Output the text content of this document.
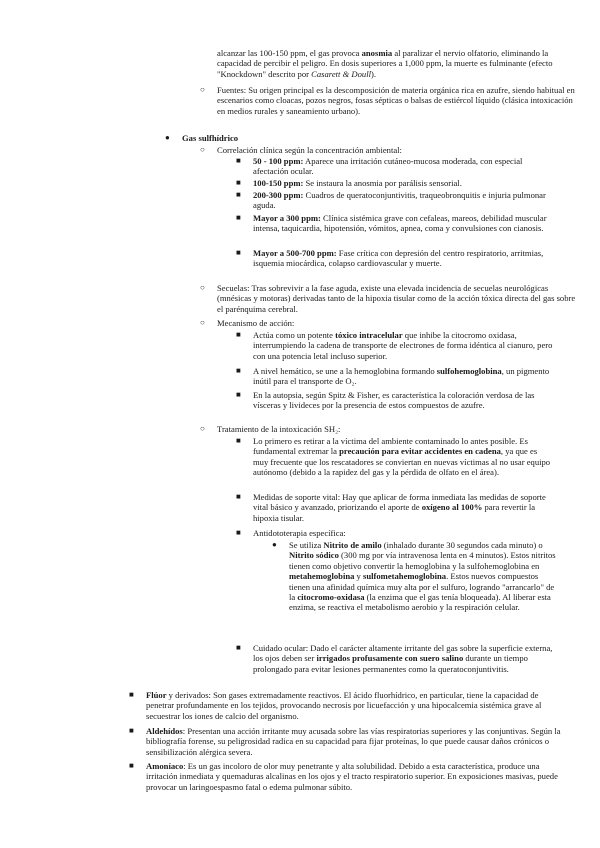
alcanzar las 100-150 ppm, el gas provoca anosmia al paralizar el nervio olfatorio, eliminando la capacidad de percibir el peligro. En dosis superiores a 1,000 ppm, la muerte es fulminante (efecto "Knockdown" descrito por Casarett & Doull).
○ Fuentes: Su origen principal es la descomposición de materia orgánica rica en azufre, siendo habitual en escenarios como cloacas, pozos negros, fosas sépticas o balsas de estiércol líquido (clásica intoxicación en medios rurales y saneamiento urbano).
● Gas sulfhídrico
○ Correlación clínica según la concentración ambiental:
■ 50 - 100 ppm: Aparece una irritación cutáneo-mucosa moderada, con especial afectación ocular.
■ 100-150 ppm: Se instaura la anosmia por parálisis sensorial.
■ 200-300 ppm: Cuadros de queratoconjuntivitis, traqueobronquitis e injuria pulmonar aguda.
■ Mayor a 300 ppm: Clínica sistémica grave con cefaleas, mareos, debilidad muscular intensa, taquicardia, hipotensión, vómitos, apnea, coma y convulsiones con cianosis.
■ Mayor a 500-700 ppm: Fase crítica con depresión del centro respiratorio, arritmias, isquemia miocárdica, colapso cardiovascular y muerte.
○ Secuelas: Tras sobrevivir a la fase aguda, existe una elevada incidencia de secuelas neurológicas (mnésicas y motoras) derivadas tanto de la hipoxia tisular como de la acción tóxica directa del gas sobre el parénquima cerebral.
○ Mecanismo de acción:
■ Actúa como un potente tóxico intracelular que inhibe la citocromo oxidasa, interrumpiendo la cadena de transporte de electrones de forma idéntica al cianuro, pero con una potencia letal incluso superior.
■ A nivel hemático, se une a la hemoglobina formando sulfohemoglobina, un pigmento inútil para el transporte de O₂.
■ En la autopsia, según Spitz & Fisher, es característica la coloración verdosa de las vísceras y livideces por la presencia de estos compuestos de azufre.
○ Tratamiento de la intoxicación SH₂:
■ Lo primero es retirar a la víctima del ambiente contaminado lo antes posible. Es fundamental extremar la precaución para evitar accidentes en cadena, ya que es muy frecuente que los rescatadores se conviertan en nuevas víctimas al no usar equipo autónomo (debido a la rapidez del gas y la pérdida de olfato en el área).
■ Medidas de soporte vital: Hay que aplicar de forma inmediata las medidas de soporte vital básico y avanzado, priorizando el aporte de oxígeno al 100% para revertir la hipoxia tisular.
■ Antidototerapia específica:
● Se utiliza Nitrito de amilo (inhalado durante 30 segundos cada minuto) o Nitrito sódico (300 mg por vía intravenosa lenta en 4 minutos). Estos nitritos tienen como objetivo convertir la hemoglobina y la sulfohemoglobina en metahemoglobina y sulfometahemoglobina. Estos nuevos compuestos tienen una afinidad química muy alta por el sulfuro, logrando "arrancarlo" de la citocromo-oxidasa (la enzima que el gas tenía bloqueada). Al liberar esta enzima, se reactiva el metabolismo aerobio y la respiración celular.
■ Cuidado ocular: Dado el carácter altamente irritante del gas sobre la superficie externa, los ojos deben ser irrigados profusamente con suero salino durante un tiempo prolongado para evitar lesiones permanentes como la queratoconjuntivitis.
■ Flúor y derivados: Son gases extremadamente reactivos. El ácido fluorhídrico, en particular, tiene la capacidad de penetrar profundamente en los tejidos, provocando necrosis por licuefacción y una hipocalcemia sistémica grave al secuestrar los iones de calcio del organismo.
■ Aldehídos: Presentan una acción irritante muy acusada sobre las vías respiratorias superiores y las conjuntivas. Según la bibliografía forense, su peligrosidad radica en su capacidad para fijar proteínas, lo que puede causar daños crónicos o sensibilización alérgica severa.
■ Amoníaco: Es un gas incoloro de olor muy penetrante y alta solubilidad. Debido a esta característica, produce una irritación inmediata y quemaduras alcalinas en los ojos y el tracto respiratorio superior. En exposiciones masivas, puede provocar un laringoespasmo fatal o edema pulmonar súbito.
